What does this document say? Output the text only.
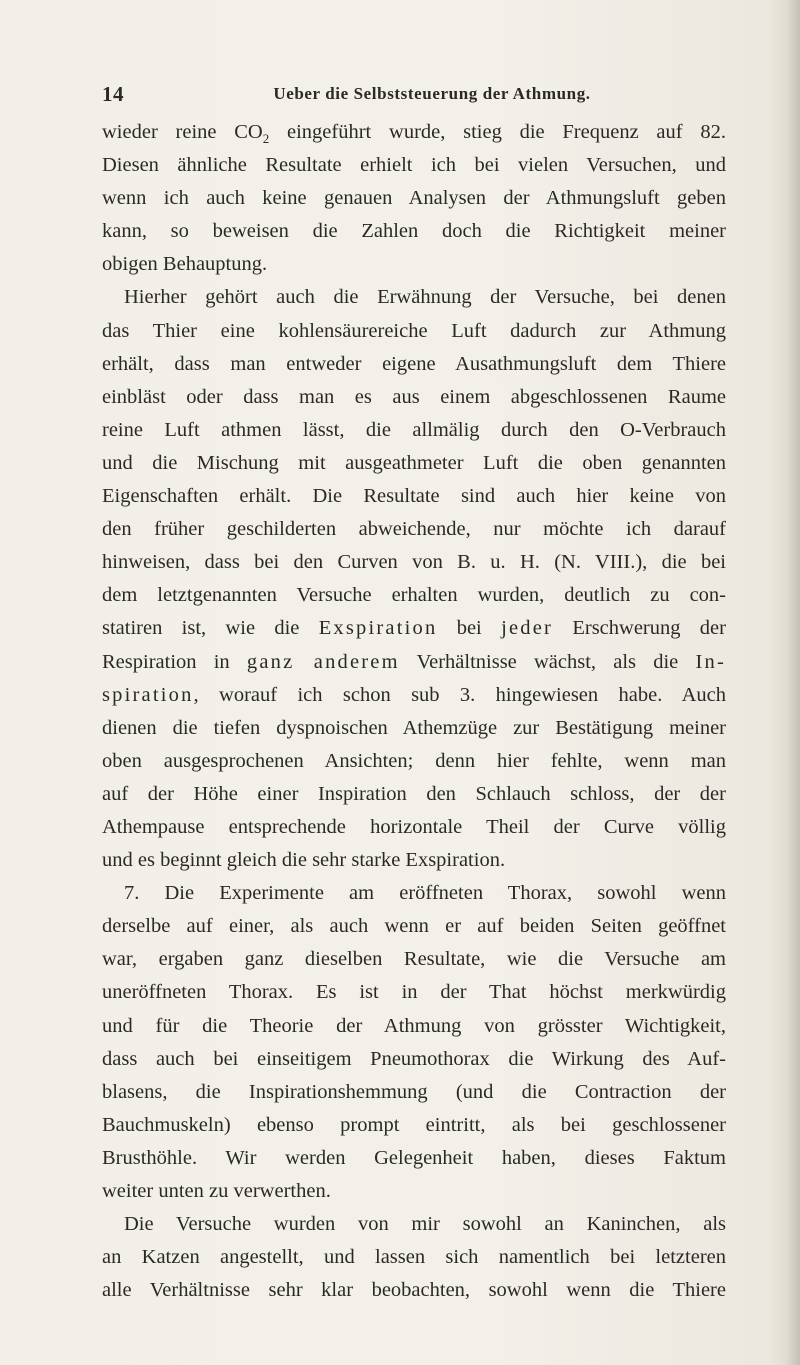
14	Ueber die Selbststeuerung der Athmung.
wieder reine $CO_2$ eingeführt wurde, stieg die Frequenz auf 82.
Diesen ähnliche Resultate erhielt ich bei vielen Versuchen, und
wenn ich auch keine genauen Analysen der Athmungsluft geben
kann, so beweisen die Zahlen doch die Richtigkeit meiner
obigen Behauptung.
Hierher gehört auch die Erwähnung der Versuche, bei denen
das Thier eine kohlensäurereiche Luft dadurch zur Athmung
erhält, dass man entweder eigene Ausathmungsluft dem Thiere
einbläst oder dass man es aus einem abgeschlossenen Raume
reine Luft athmen lässt, die allmälig durch den O-Verbrauch
und die Mischung mit ausgeathmeter Luft die oben genannten
Eigenschaften erhält. Die Resultate sind auch hier keine von
den früher geschilderten abweichende, nur möchte ich darauf
hinweisen, dass bei den Curven von B. u. H. (N. VIII.), die bei
dem letztgenannten Versuche erhalten wurden, deutlich zu con-
statiren ist, wie die Exspiration bei jeder Erschwerung der
Respiration in ganz anderem Verhältnisse wächst, als die In-
spiration, worauf ich schon sub 3. hingewiesen habe. Auch
dienen die tiefen dyspnoischen Athemzüge zur Bestätigung meiner
oben ausgesprochenen Ansichten; denn hier fehlte, wenn man
auf der Höhe einer Inspiration den Schlauch schloss, der der
Athempause entsprechende horizontale Theil der Curve völlig
und es beginnt gleich die sehr starke Exspiration.
7. Die Experimente am eröffneten Thorax, sowohl wenn
derselbe auf einer, als auch wenn er auf beiden Seiten geöffnet
war, ergaben ganz dieselben Resultate, wie die Versuche am
uneröffneten Thorax. Es ist in der That höchst merkwürdig
und für die Theorie der Athmung von grösster Wichtigkeit,
dass auch bei einseitigem Pneumothorax die Wirkung des Auf-
blasens, die Inspirationshemmung (und die Contraction der
Bauchmuskeln) ebenso prompt eintritt, als bei geschlossener
Brusthöhle. Wir werden Gelegenheit haben, dieses Faktum
weiter unten zu verwerthen.
Die Versuche wurden von mir sowohl an Kaninchen, als
an Katzen angestellt, und lassen sich namentlich bei letzteren
alle Verhältnisse sehr klar beobachten, sowohl wenn die Thiere
